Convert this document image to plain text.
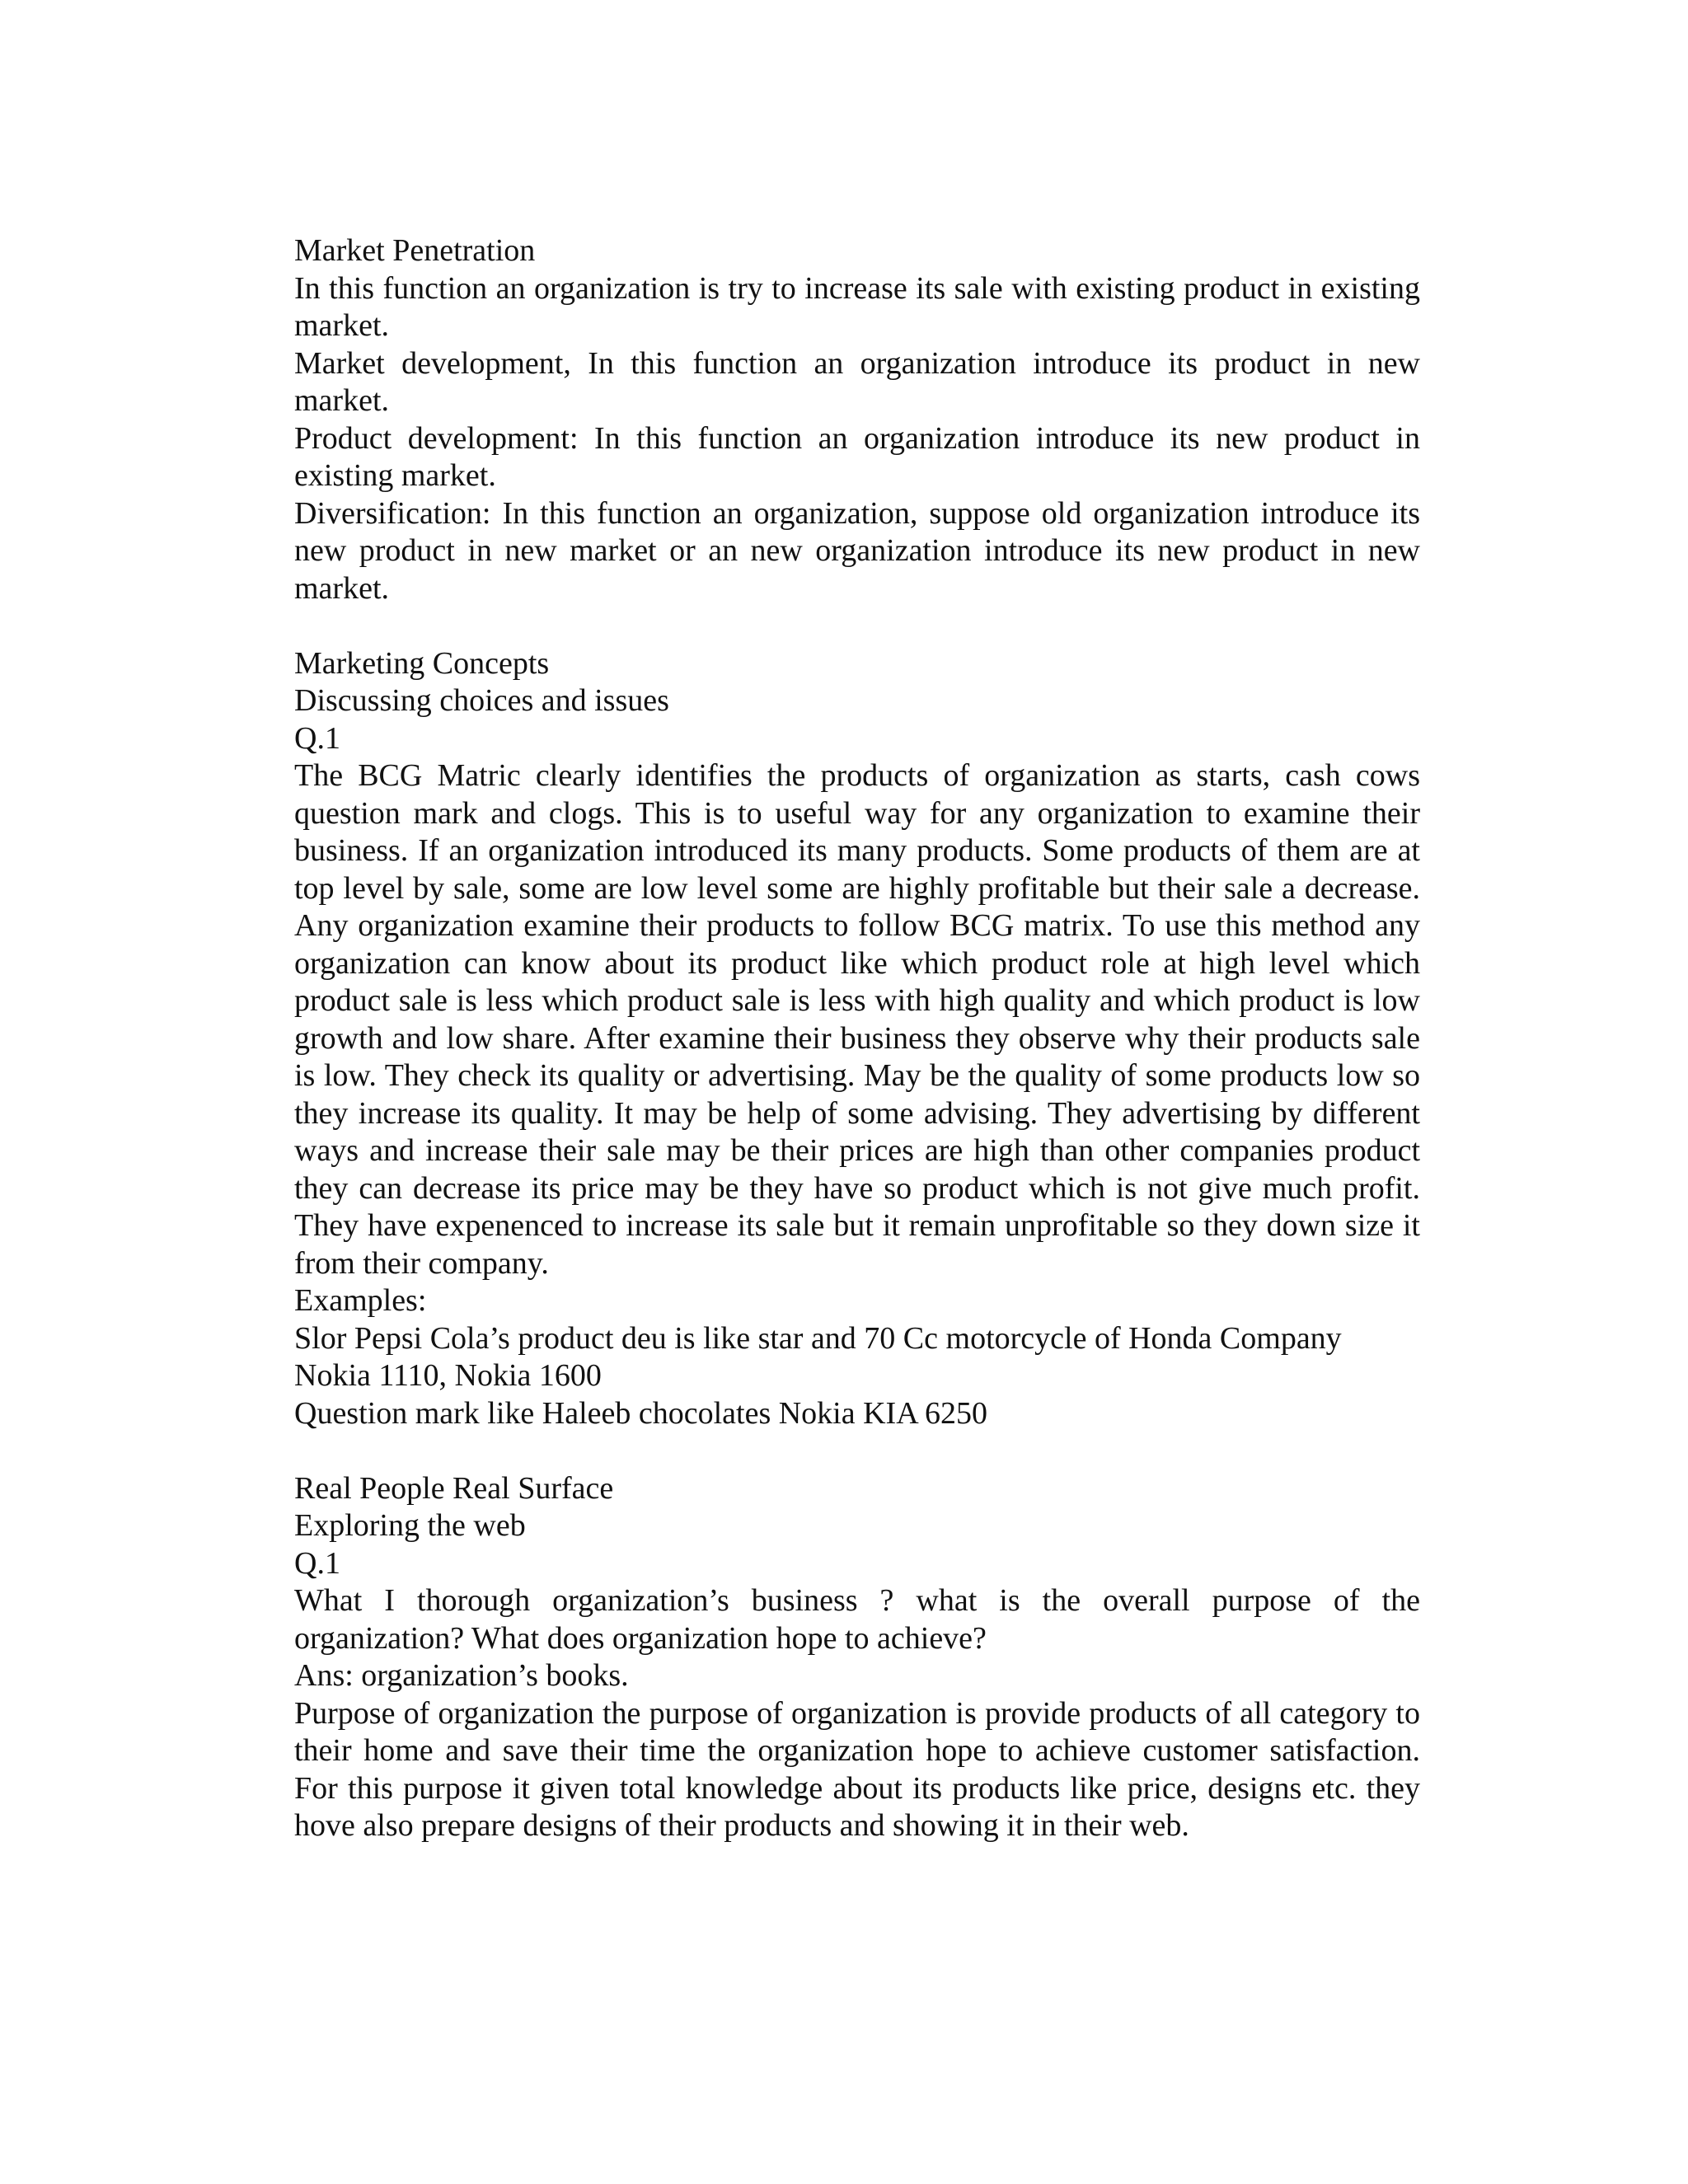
Market Penetration

In this function an organization is try to increase its sale with existing product in existing market.

Market development, In this function an organization introduce its product in new market.

Product development: In this function an organization introduce its new product in existing market.

Diversification: In this function an organization, suppose old organization introduce its new product in new market or an new organization introduce its new product in new market.

Marketing Concepts

Discussing choices and issues

Q.1

The BCG Matric clearly identifies the products of organization as starts, cash cows question mark and clogs. This is to useful way for any organization to examine their business. If an organization introduced its many products. Some products of them are at top level by sale, some are low level some are highly profitable but their sale a decrease. Any organization examine their products to follow BCG matrix. To use this method any organization can know about its product like which product role at high level which product sale is less which product sale is less with high quality and which product is low growth and low share. After examine their business they observe why their products sale is low. They check its quality or advertising. May be the quality of some products low so they increase its quality. It may be help of some advising. They advertising by different ways and increase their sale may be their prices are high than other companies product they can decrease its price may be they have so product which is not give much profit. They have expenenced to increase its sale but it remain unprofitable so they down size it from their company.

Examples:

Slor Pepsi Cola’s product deu is like star and 70 Cc motorcycle of Honda Company

Nokia 1110, Nokia 1600

Question mark like Haleeb chocolates Nokia KIA 6250

Real People Real Surface

Exploring the web

Q.1

What I thorough organization’s business ? what is the overall purpose of the organization? What does organization hope to achieve?

Ans: organization’s books.

Purpose of organization the purpose of organization is provide products of all category to their home and save their time the organization hope to achieve customer satisfaction. For this purpose it given total knowledge about its products like price, designs etc. they hove also prepare designs of their products and showing it in their web.
